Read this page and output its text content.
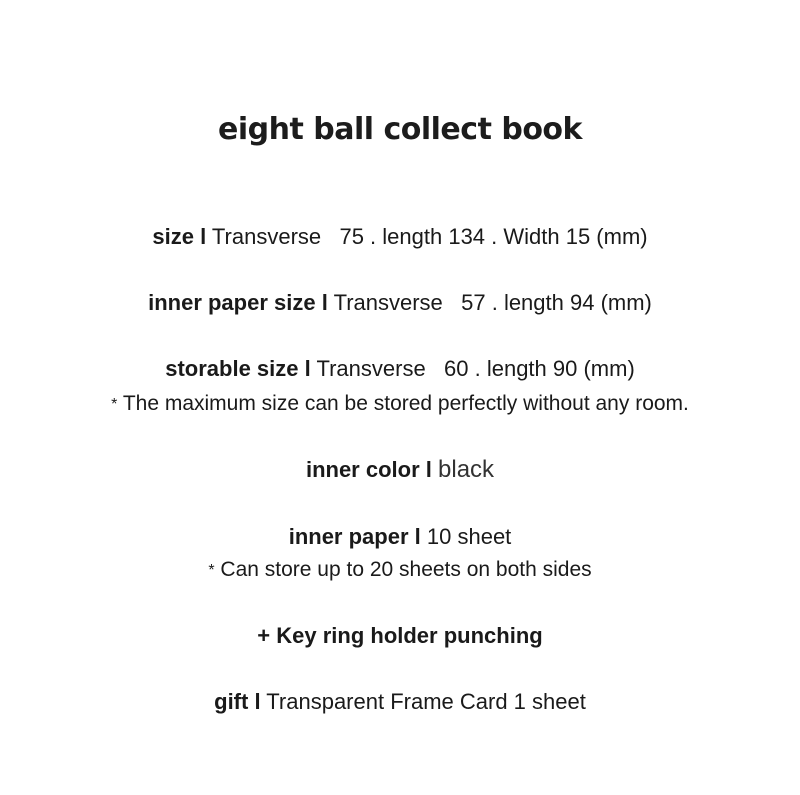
eight ball collect book
size l Transverse   75 . length 134 . Width 15 (mm)
inner paper size l Transverse   57 . length 94 (mm)
storable size l Transverse   60 . length 90 (mm)
* The maximum size can be stored perfectly without any room.
inner color l black
inner paper l 10 sheet
* Can store up to 20 sheets on both sides
+ Key ring holder punching
gift l Transparent Frame Card 1 sheet
